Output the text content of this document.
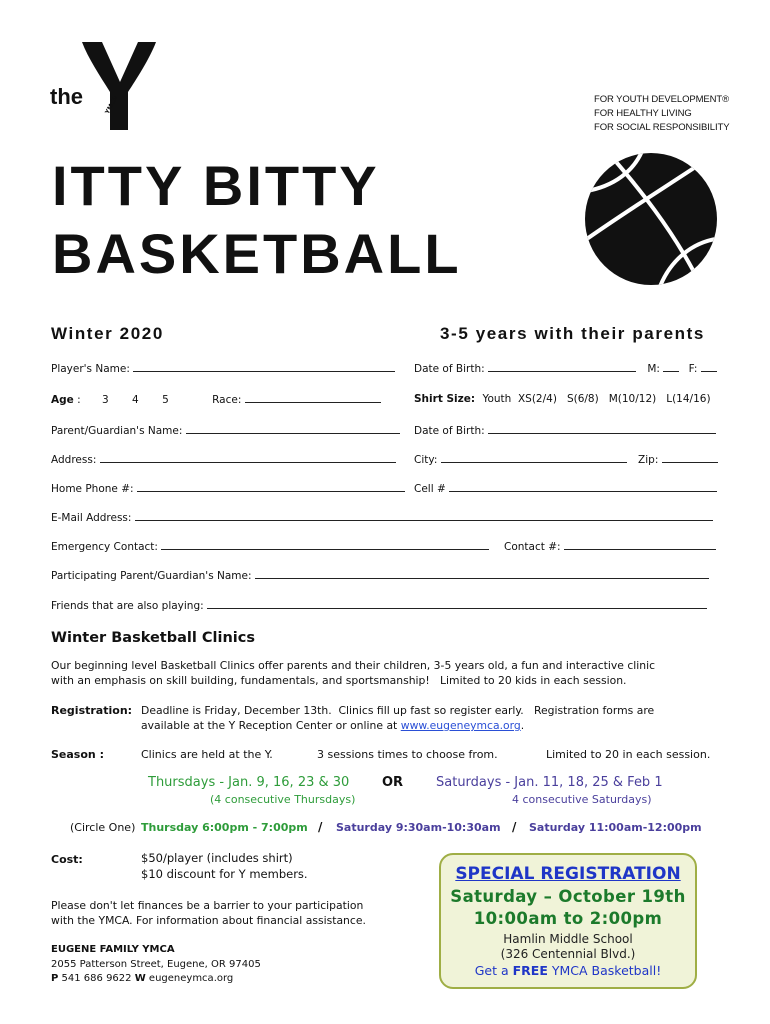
the
®
YMCA	FOR YOUTH DEVELOPMENT®
FOR HEALTHY LIVING
FOR SOCIAL RESPONSIBILITY
ITTY BITTY
BASKETBALL
Winter 2020	3-5 years with their parents
Player's Name:	Date of Birth:	M:	F:
Age : 3 4 5	Race:	Shirt Size: Youth  XS(2/4)   S(6/8)   M(10/12)   L(14/16)
Parent/Guardian's Name:	Date of Birth:
Address:	City:	Zip:
Home Phone #:	Cell #
E-Mail Address:
Emergency Contact:	Contact #:
Participating Parent/Guardian's Name:
Friends that are also playing:
Winter Basketball Clinics
Our beginning level Basketball Clinics offer parents and their children, 3-5 years old, a fun and interactive clinic
with an emphasis on skill building, fundamentals, and sportsmanship!   Limited to 20 kids in each session.
Registration: Deadline is Friday, December 13th.  Clinics fill up fast so register early.   Registration forms are
available at the Y Reception Center or online at www.eugeneymca.org.
Season :	Clinics are held at the Y.	3 sessions times to choose from.	Limited to 20 in each session.
Thursdays - Jan. 9, 16, 23 & 30
(4 consecutive Thursdays)
OR	Saturdays - Jan. 11, 18, 25 & Feb 1
4 consecutive Saturdays)
(Circle One) Thursday 6:00pm - 7:00pm / Saturday 9:30am-10:30am / Saturday 11:00am-12:00pm
Cost:	$50/player (includes shirt)
$10 discount for Y members.
Please don't let finances be a barrier to your participation
with the YMCA. For information about financial assistance.
EUGENE FAMILY YMCA
2055 Patterson Street, Eugene, OR 97405
P 541 686 9622 W eugeneymca.org
SPECIAL REGISTRATION
Saturday – October 19th
10:00am to 2:00pm
Hamlin Middle School
(326 Centennial Blvd.)
Get a FREE YMCA Basketball!
